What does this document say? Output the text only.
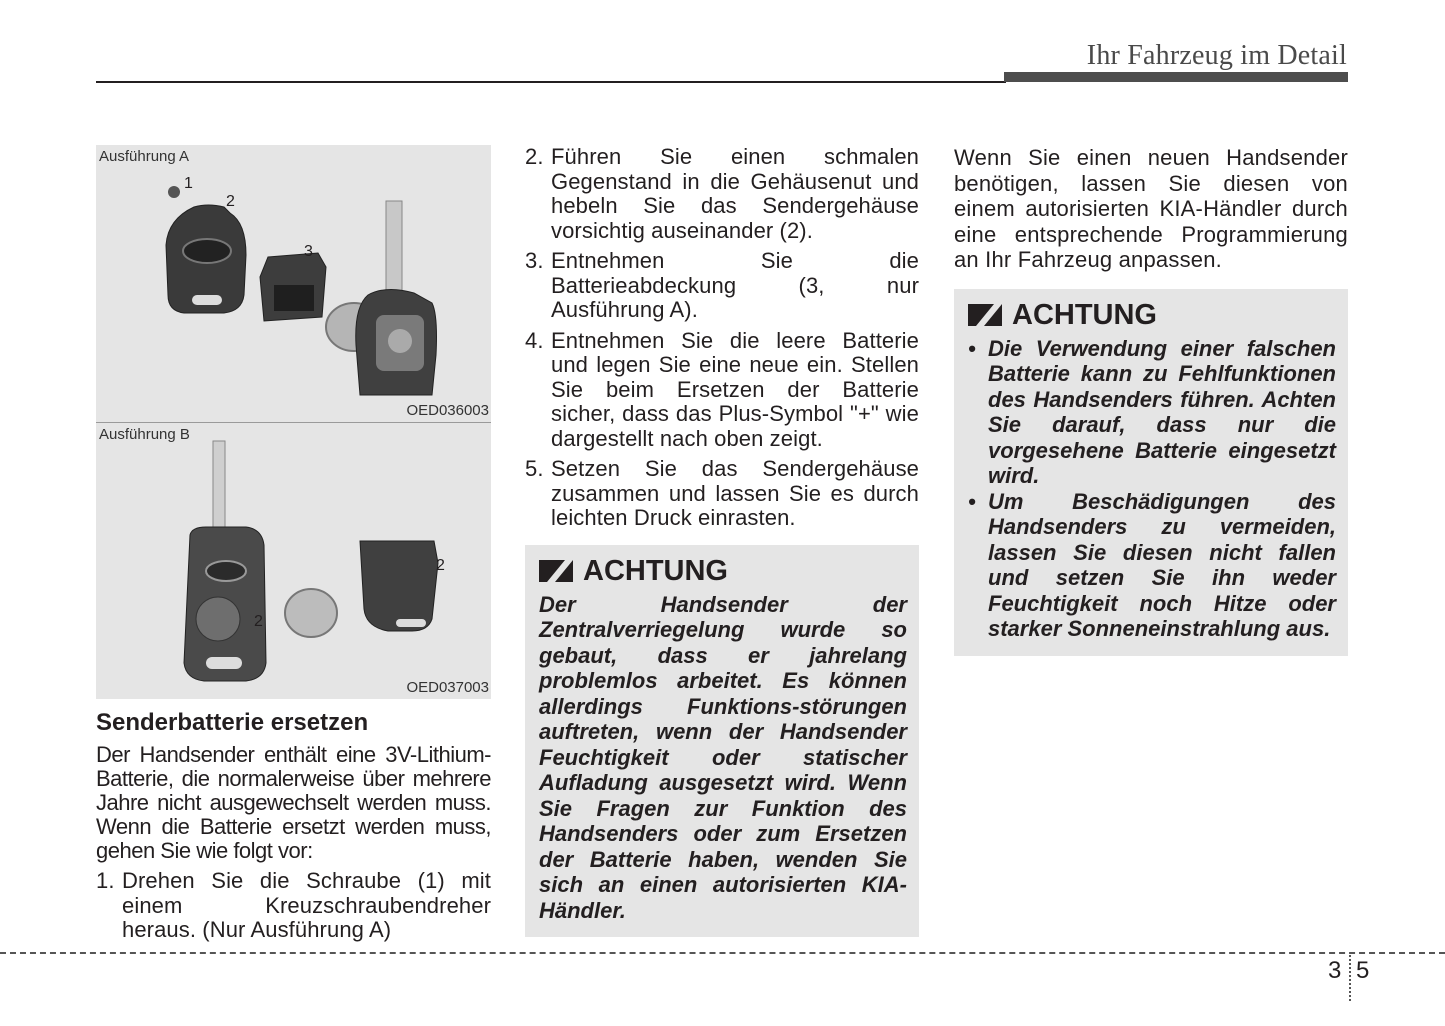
Ihr Fahrzeug im Detail
Ausführung A
1
2
3
OED036003
Ausführung B
2
2
OED037003
Senderbatterie ersetzen

Der Handsender enthält eine 3V-Lithium-Batterie, die normalerweise über mehrere Jahre nicht ausgewechselt werden muss. Wenn die Batterie ersetzt werden muss, gehen Sie wie folgt vor:

1. Drehen Sie die Schraube (1) mit einem Kreuzschraubendreher heraus. (Nur Ausführung A)
2. Führen Sie einen schmalen Gegenstand in die Gehäusenut und hebeln Sie das Sendergehäuse vorsichtig auseinander (2).
3. Entnehmen Sie die Batterieabdeckung (3, nur Ausführung A).
4. Entnehmen Sie die leere Batterie und legen Sie eine neue ein. Stellen Sie beim Ersetzen der Batterie sicher, dass das Plus-Symbol "+" wie dargestellt nach oben zeigt.
5. Setzen Sie das Sendergehäuse zusammen und lassen Sie es durch leichten Druck einrasten.
ACHTUNG

Der Handsender der Zentralverriegelung wurde so gebaut, dass er jahrelang problemlos arbeitet. Es können allerdings Funktions-störungen auftreten, wenn der Handsender Feuchtigkeit oder statischer Aufladung ausgesetzt wird. Wenn Sie Fragen zur Funktion des Handsenders oder zum Ersetzen der Batterie haben, wenden Sie sich an einen autorisierten KIA-Händler.

Wenn Sie einen neuen Handsender benötigen, lassen Sie diesen von einem autorisierten KIA-Händler durch eine entsprechende Programmierung an Ihr Fahrzeug anpassen.

ACHTUNG
• Die Verwendung einer falschen Batterie kann zu Fehlfunktionen des Handsenders führen. Achten Sie darauf, dass nur die vorgesehene Batterie eingesetzt wird.
• Um Beschädigungen des Handsenders zu vermeiden, lassen Sie diesen nicht fallen und setzen Sie ihn weder Feuchtigkeit noch Hitze oder starker Sonneneinstrahlung aus.
3 5
